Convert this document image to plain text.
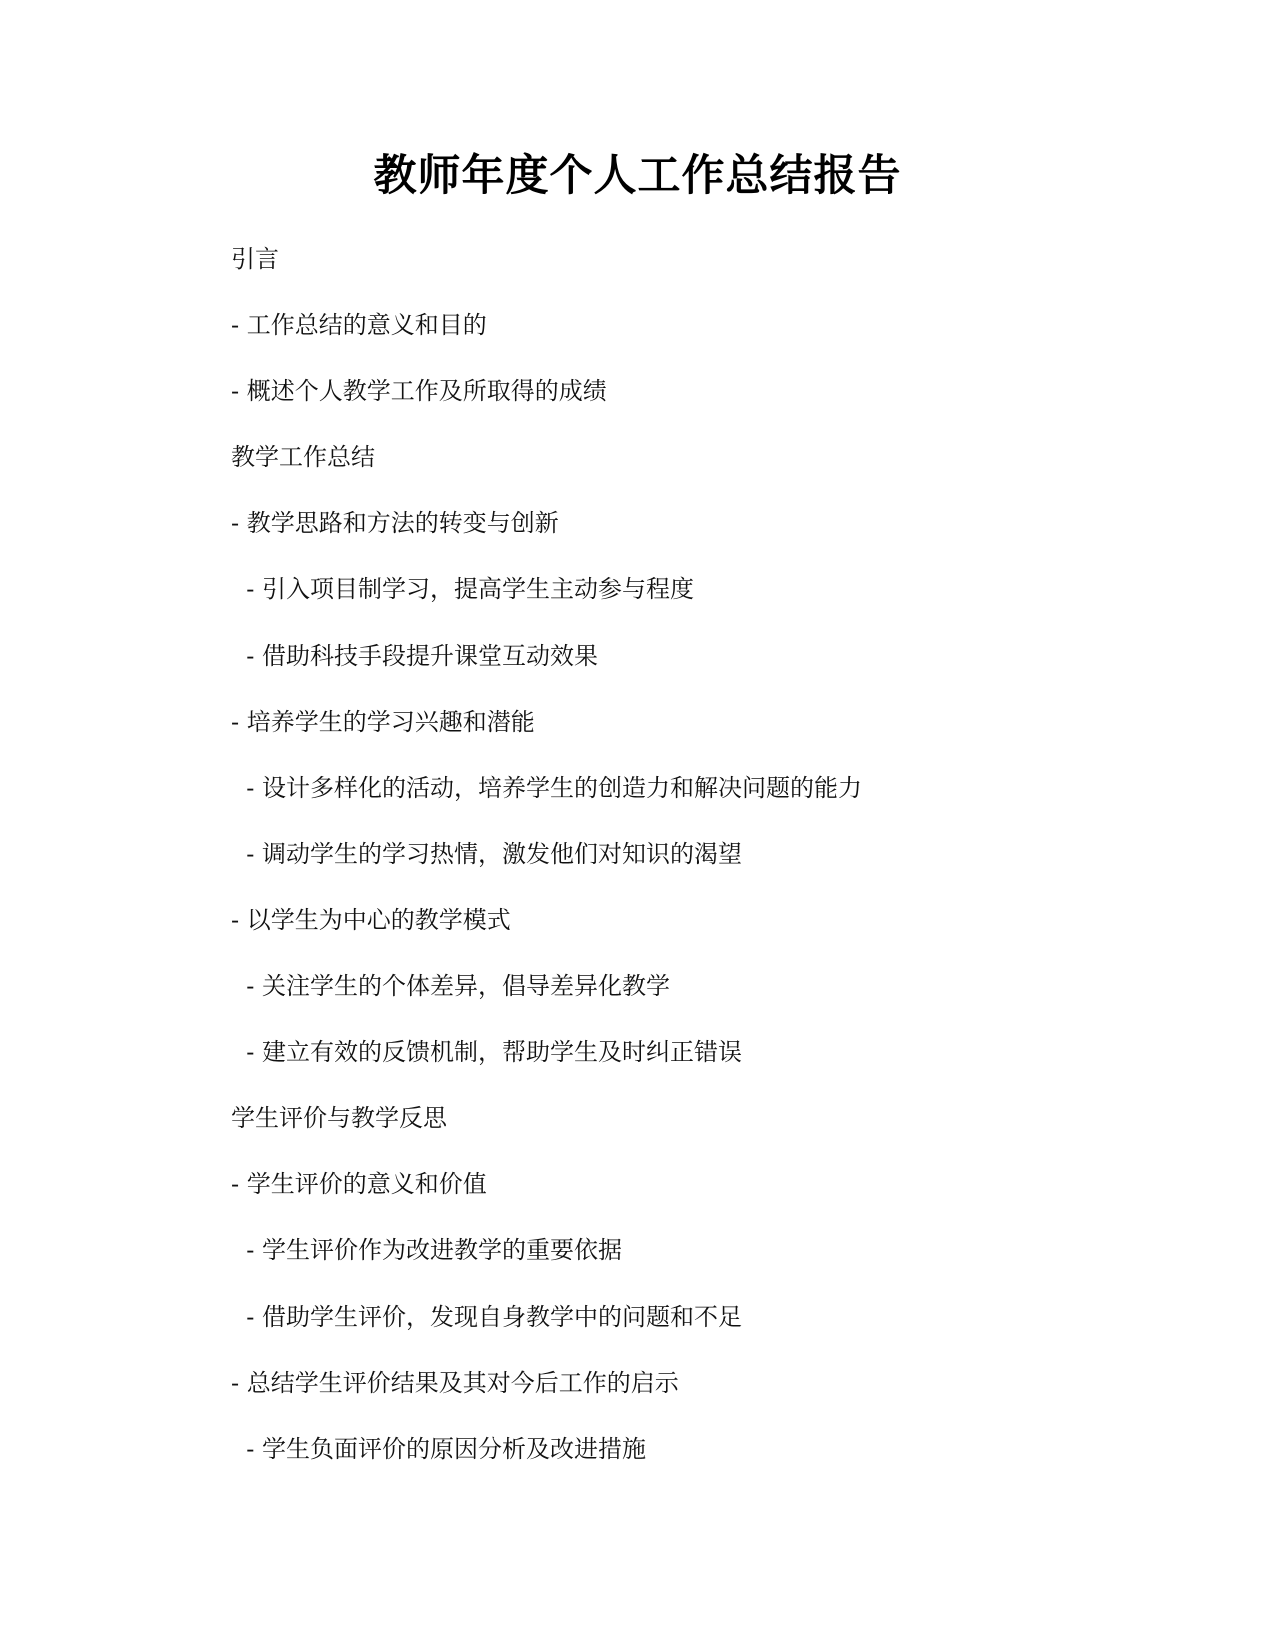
教师年度个人工作总结报告
引言
- 工作总结的意义和目的
- 概述个人教学工作及所取得的成绩
教学工作总结
- 教学思路和方法的转变与创新
- 引入项目制学习，提高学生主动参与程度
- 借助科技手段提升课堂互动效果
- 培养学生的学习兴趣和潜能
- 设计多样化的活动，培养学生的创造力和解决问题的能力
- 调动学生的学习热情，激发他们对知识的渴望
- 以学生为中心的教学模式
- 关注学生的个体差异，倡导差异化教学
- 建立有效的反馈机制，帮助学生及时纠正错误
学生评价与教学反思
- 学生评价的意义和价值
- 学生评价作为改进教学的重要依据
- 借助学生评价，发现自身教学中的问题和不足
- 总结学生评价结果及其对今后工作的启示
- 学生负面评价的原因分析及改进措施
